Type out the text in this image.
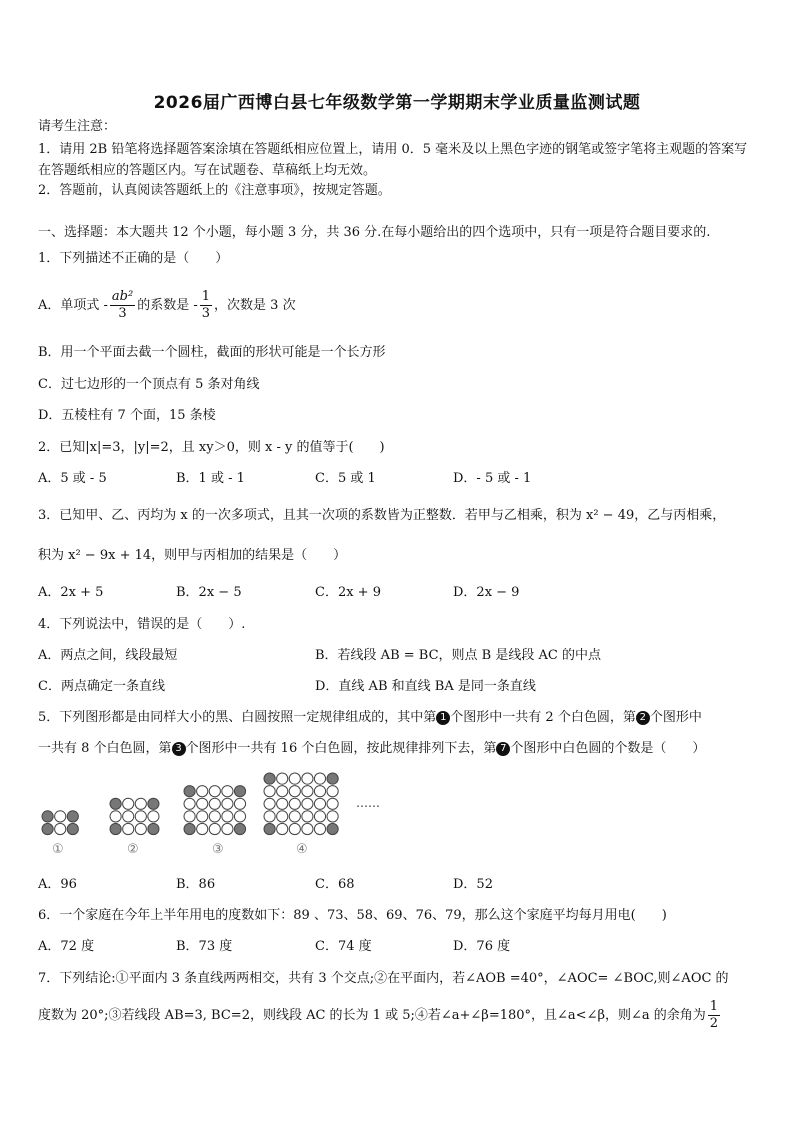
2026届广西博白县七年级数学第一学期期末学业质量监测试题
请考生注意：
1．请用 2B 铅笔将选择题答案涂填在答题纸相应位置上，请用 0．5 毫米及以上黑色字迹的钢笔或签字笔将主观题的答案写在答题纸相应的答题区内。写在试题卷、草稿纸上均无效。
2．答题前，认真阅读答题纸上的《注意事项》，按规定答题。
一、选择题：本大题共 12 个小题，每小题 3 分，共 36 分.在每小题给出的四个选项中，只有一项是符合题目要求的.
1．下列描述不正确的是（　　）
A．单项式 - $\frac{\text{ab²}}{3}$ 的系数是 - $\frac{1}{3}$ ，次数是 3 次
B．用一个平面去截一个圆柱，截面的形状可能是一个长方形
C．过七边形的一个顶点有 5 条对角线
D．五棱柱有 7 个面，15 条棱
2．已知|x|=3，|y|=2，且 xy＞0，则 x - y 的值等于(　　)
A．5 或 - 5	B．1 或 - 1	C．5 或 1	D．- 5 或 - 1
3．已知甲、乙、丙均为 x 的一次多项式，且其一次项的系数皆为正整数．若甲与乙相乘，积为 x² − 49，乙与丙相乘，
积为 x² − 9x + 14，则甲与丙相加的结果是（　　）
A．2x + 5	B．2x − 5	C．2x + 9	D．2x − 9
4．下列说法中，错误的是（　　）.
A．两点之间，线段最短	B．若线段 AB = BC，则点 B 是线段 AC 的中点
C．两点确定一条直线	D．直线 AB 和直线 BA 是同一条直线
5．下列图形都是由同样大小的黑、白圆按照一定规律组成的，其中第 1 个图形中一共有 2 个白色圆，第 2 个图形中
一共有 8 个白色圆，第 3 个图形中一共有 16 个白色圆，按此规律排列下去，第 7 个图形中白色圆的个数是（　　）
①	②	③	④
……
A．96	B．86	C．68	D．52
6．一个家庭在今年上半年用电的度数如下：89 、73、58、69、76、79，那么这个家庭平均每月用电(　　)
A．72 度	B．73 度	C．74 度	D．76 度
7．下列结论:①平面内 3 条直线两两相交，共有 3 个交点;②在平面内，若∠AOB =40°，∠AOC= ∠BOC,则∠AOC 的
度数为 20°;③若线段 AB=3, BC=2，则线段 AC 的长为 1 或 5;④若∠a+∠β=180°，且∠a<∠β，则∠a 的余角为 $\frac{1}{2}$
